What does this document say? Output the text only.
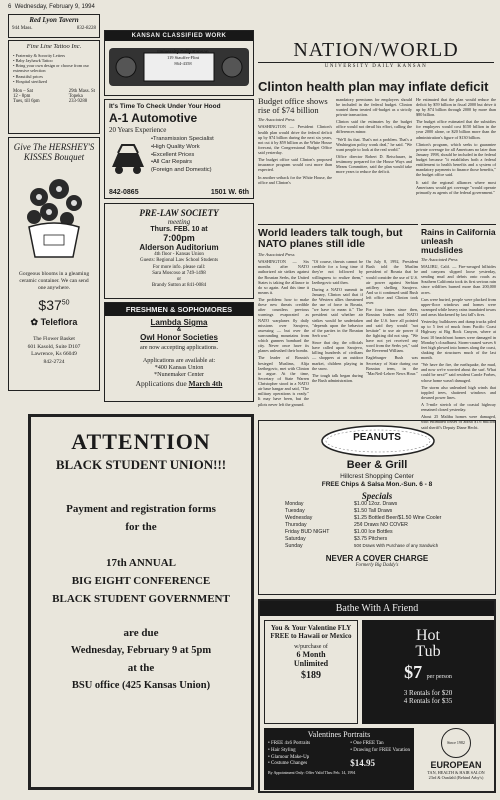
6 Wednesday, February 9, 1994
Red Lyon Tavern
944 Mass.	832-8228
Fine Line Tattoo Inc.
• Fraternity & Sorority Letters
• Baby Jayhawk Tattoo
• Bring your own design or choose from our extensive selection
• Beautiful prices
• Hospital sterilized
Mon – Sat
12 - 8pm
Tues, till 6pm
29th Mass. St
Topeka
233-9288
Give The HERSHEY'S KISSES Bouquet
Gorgeous blooms in a gleaming ceramic container. We can send one anywhere.
$\$37^{50}$
✿ Teleflora
The Flower Basket
601 Kasold, Suite D107
Lawrence, Ks 66049
842-2724
KANSAN CLASSIFIED WORK
University Daily Kansan
119 Stauffer-Flint
864-4358
It's Time To Check Under Your Hood
A-1 Automotive
20 Years Experience
•Transmission Specialist
•High Quality Work
•Excellent Prices
•All Car Repairs
(Foreign and Domestic)
842-0865	1501 W. 6th
PRE-LAW SOCIETY
meeting
Thurs. FEB. 10 at
7:00pm
Alderson Auditorium
4th floor - Kansas Union
Guests: Regional Law School Students
For more info. please call:
Sara Moscoso at 749-1498
or
Brandy Sutton at 841-0084
FRESHMEN & SOPHOMORES
Lambda Sigma
&
Owl Honor Societies
are now accepting applications.
Applications are available at:
*400 Kansas Union
*Nunemaker Center
Applications due March 4th
NATION/WORLD
UNIVERSITY DAILY KANSAN
Clinton health plan may inflate deficit
Budget office shows rise of $74 billion
The Associated Press

WASHINGTON — President Clinton's health plan would drive the federal deficit up by $74 billion during the next six years, not cut it by $59 billion as the White House forecast, the Congressional Budget Office said yesterday.

The budget office said Clinton's proposed insurance program would cost more than expected.

In another setback for the White House, the office and Clinton's

mandatory premiums for employers should be included in the federal budget. Clinton wanted them treated off-budget as a strictly private transaction.

Clinton said the estimates by the budget office would not derail his effort, calling the differences minor.

"We'll fix that. That's not a problem. That's a Washington policy wonk deal," he said. "We want people to look at the real world."

Office director Robert D. Reischauer, in testimony prepared for the House Ways and Means Committee, said the plan would take more years to reduce the deficit.

He estimated that the plan would reduce the deficit by $59 billion in fiscal 2000 but drive it up by $74 billion through 2000 by more than $80 billion.

The budget office estimated that the subsidies for employers would cost $150 billion in the year 2000 alone, or $20 billion more than the administration's figure of $130 billion.

Clinton's program, which seeks to guarantee private coverage for all Americans no later than January 1998, should be included in the federal budget because "it establishes both a federal entitlement to health benefits and a system of mandatory payments to finance those benefits," the budget office said.

It said the regional alliances where most Americans would get coverage "would operate primarily as agents of the federal government."

World leaders talk tough, but NATO planes still idle
The Associated Press

WASHINGTON — Six months after NATO authorized air strikes against the Bosnian Serbs, the United States is taking the alliance to do so again. And this time it means it.

The problem: how to make these new threats credible after countless previous warnings evaporated as NATO warplanes fly daily missions over Sarajevo, assessing — but over the surrounding mountains from which gunners bombard the city. Never once have its planes unleashed their bombs.

The leader of Bosnia's besieged Muslims, Alija Izetbegovic, met with Clinton to argue. At the time, Secretary of State Warren Christopher stood in a NATO air base hangar and said, "The military operations is ready." It may have been, but the pilots never left the ground.

"Of course, threats cannot be credible for a long time if they're not followed by willingness to realize them," Izetbegovic said then.

During a NATO summit in January, Clinton said that if the Western allies threatened the use of force in Bosnia, "we have to mean it." The president said whether air strikes would be undertaken "depends upon the behavior of the parties in the Bosnian Serb war."

Since that day, the officials have called upon Sarajevo, killing hundreds of civilians — shoppers at an outdoor market, children playing in the snow.

The tough talk began during the Bush administration.

On July 8, 1992, President Bush told the Muslim president of Bosnia that he would consider the use of U.S. air power against Serbian artillery shelling Sarajevo. And so it continued until Bush left office and Clinton took over.

For four times since then, Bosnian leaders and NATO and the U.S. have all pointed and said they would "not hesitate" to use air power if the fighting did not stop. "We have not yet received any word from the Serbs yet," said the Reverend William.

Eagleburger Bush was Secretary of State during our Bosnian term, in the "MacNeil-Lehrer News Hour."

Rains in California unleash mudslides
The Associated Press

MALIBU, Calif. — Fire-ravaged hillsides and canyons slipped loose yesterday, sending mud and debris onto roads as Southern California took its first serious rain since wildfires burned more than 200,000 acres.

Cars were buried, people were plucked from upper-floor windows and homes were swamped while heavy rains inundated towns and areas blackened by last fall's fires.

Yesterday, bulldozers and dump trucks piled up to 5 feet of muck from Pacific Coast Highway at Big Rock Canyon, where at least 10 beachfront homes were damaged in Monday's cloudburst. Storm-caused waves 6 feet high plowed into homes along the coast, shaking the structures much of the last month.

"We have the fire, the earthquake, the mud, and now we're worried about the surf. What could be next?" said resident Carole Forbes, whose home wasn't damaged.

The storm also unleashed high winds that toppled trees, shattered windows and downed power lines.

A 5-mile stretch of the coastal highway remained closed yesterday.

About 25 Malibu homes were damaged, with estimated losses of about $1.6 million, said sheriff's Deputy Diane Hecht.

ATTENTION
BLACK STUDENT UNION!!!
Payment and registration forms
for the
17th ANNUAL
BIG EIGHT CONFERENCE
BLACK STUDENT GOVERNMENT
are due
Wednesday, February 9 at 5pm
at the
BSU office (425 Kansas Union)
PEANUTS
Beer & Grill
Hillcrest Shopping Center
FREE Chips & Salsa Mon.-Sun. 6 - 8
Specials
Monday	$1.00 12oz. Draws
Tuesday	$1.50 Tall Draws
Wednesday	$1.25 Bottled Beer/$1.50 Wine Cooler
Thursday	25¢ Draws NO COVER
Friday BUD NIGHT	$1.00 Ice Bottles
Saturday	$3.75 Pitchers
Sunday	50¢ Draws With Purchase of any Sandwich
NEVER A COVER CHARGE
Formerly Big Daddy's
Bathe With A Friend
You & Your Valentine FLY FREE to Hawaii or Mexico
w/purchase of
6 Month
Unlimited
$189
Hot
Tub
$7 per person
3 Rentals for $20
4 Rentals for $35
Valentines Portraits
• FREE 4x6 Portraits
• Hair Styling
• Glamour Make-Up
• Costume Changes
• One FREE Tan
• Drawing for FREE Vacation
$14.95
By Appointment Only: Offer Valid Thru Feb. 14, 1994
Since 1982
EUROPEAN
TAN, HEALTH & HAIR SALON
23rd & Ousdahl (Behind Arby's)
